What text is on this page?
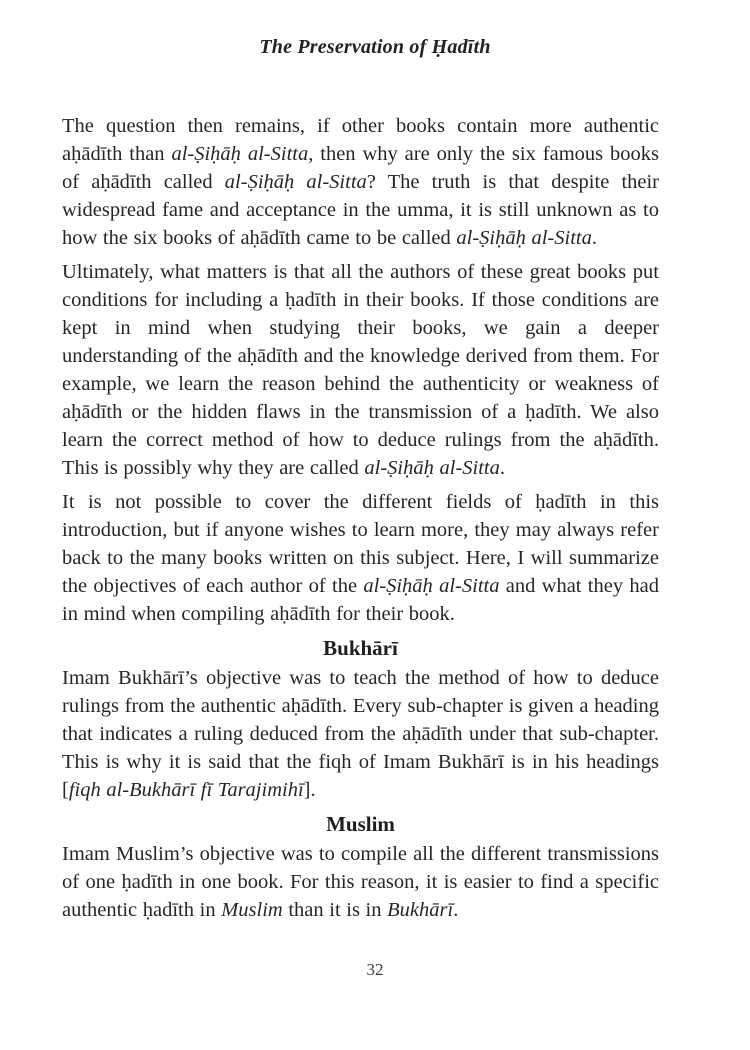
The Preservation of Ḥadīth

The question then remains, if other books contain more authentic aḥādīth than al-Ṣiḥāḥ al-Sitta, then why are only the six famous books of aḥādīth called al-Ṣiḥāḥ al-Sitta? The truth is that despite their widespread fame and acceptance in the umma, it is still unknown as to how the six books of aḥādīth came to be called al-Ṣiḥāḥ al-Sitta.

Ultimately, what matters is that all the authors of these great books put conditions for including a ḥadīth in their books. If those conditions are kept in mind when studying their books, we gain a deeper understanding of the aḥādīth and the knowledge derived from them. For example, we learn the reason behind the authenticity or weakness of aḥādīth or the hidden flaws in the transmission of a ḥadīth. We also learn the correct method of how to deduce rulings from the aḥādīth. This is possibly why they are called al-Ṣiḥāḥ al-Sitta.

It is not possible to cover the different fields of ḥadīth in this introduction, but if anyone wishes to learn more, they may always refer back to the many books written on this subject. Here, I will summarize the objectives of each author of the al-Ṣiḥāḥ al-Sitta and what they had in mind when compiling aḥādīth for their book.

Bukhārī

Imam Bukhārī’s objective was to teach the method of how to deduce rulings from the authentic aḥādīth. Every sub-chapter is given a heading that indicates a ruling deduced from the aḥādīth under that sub-chapter. This is why it is said that the fiqh of Imam Bukhārī is in his headings [fiqh al-Bukhārī fī Tarajimihī].

Muslim

Imam Muslim’s objective was to compile all the different transmissions of one ḥadīth in one book. For this reason, it is easier to find a specific authentic ḥadīth in Muslim than it is in Bukhārī.

32
